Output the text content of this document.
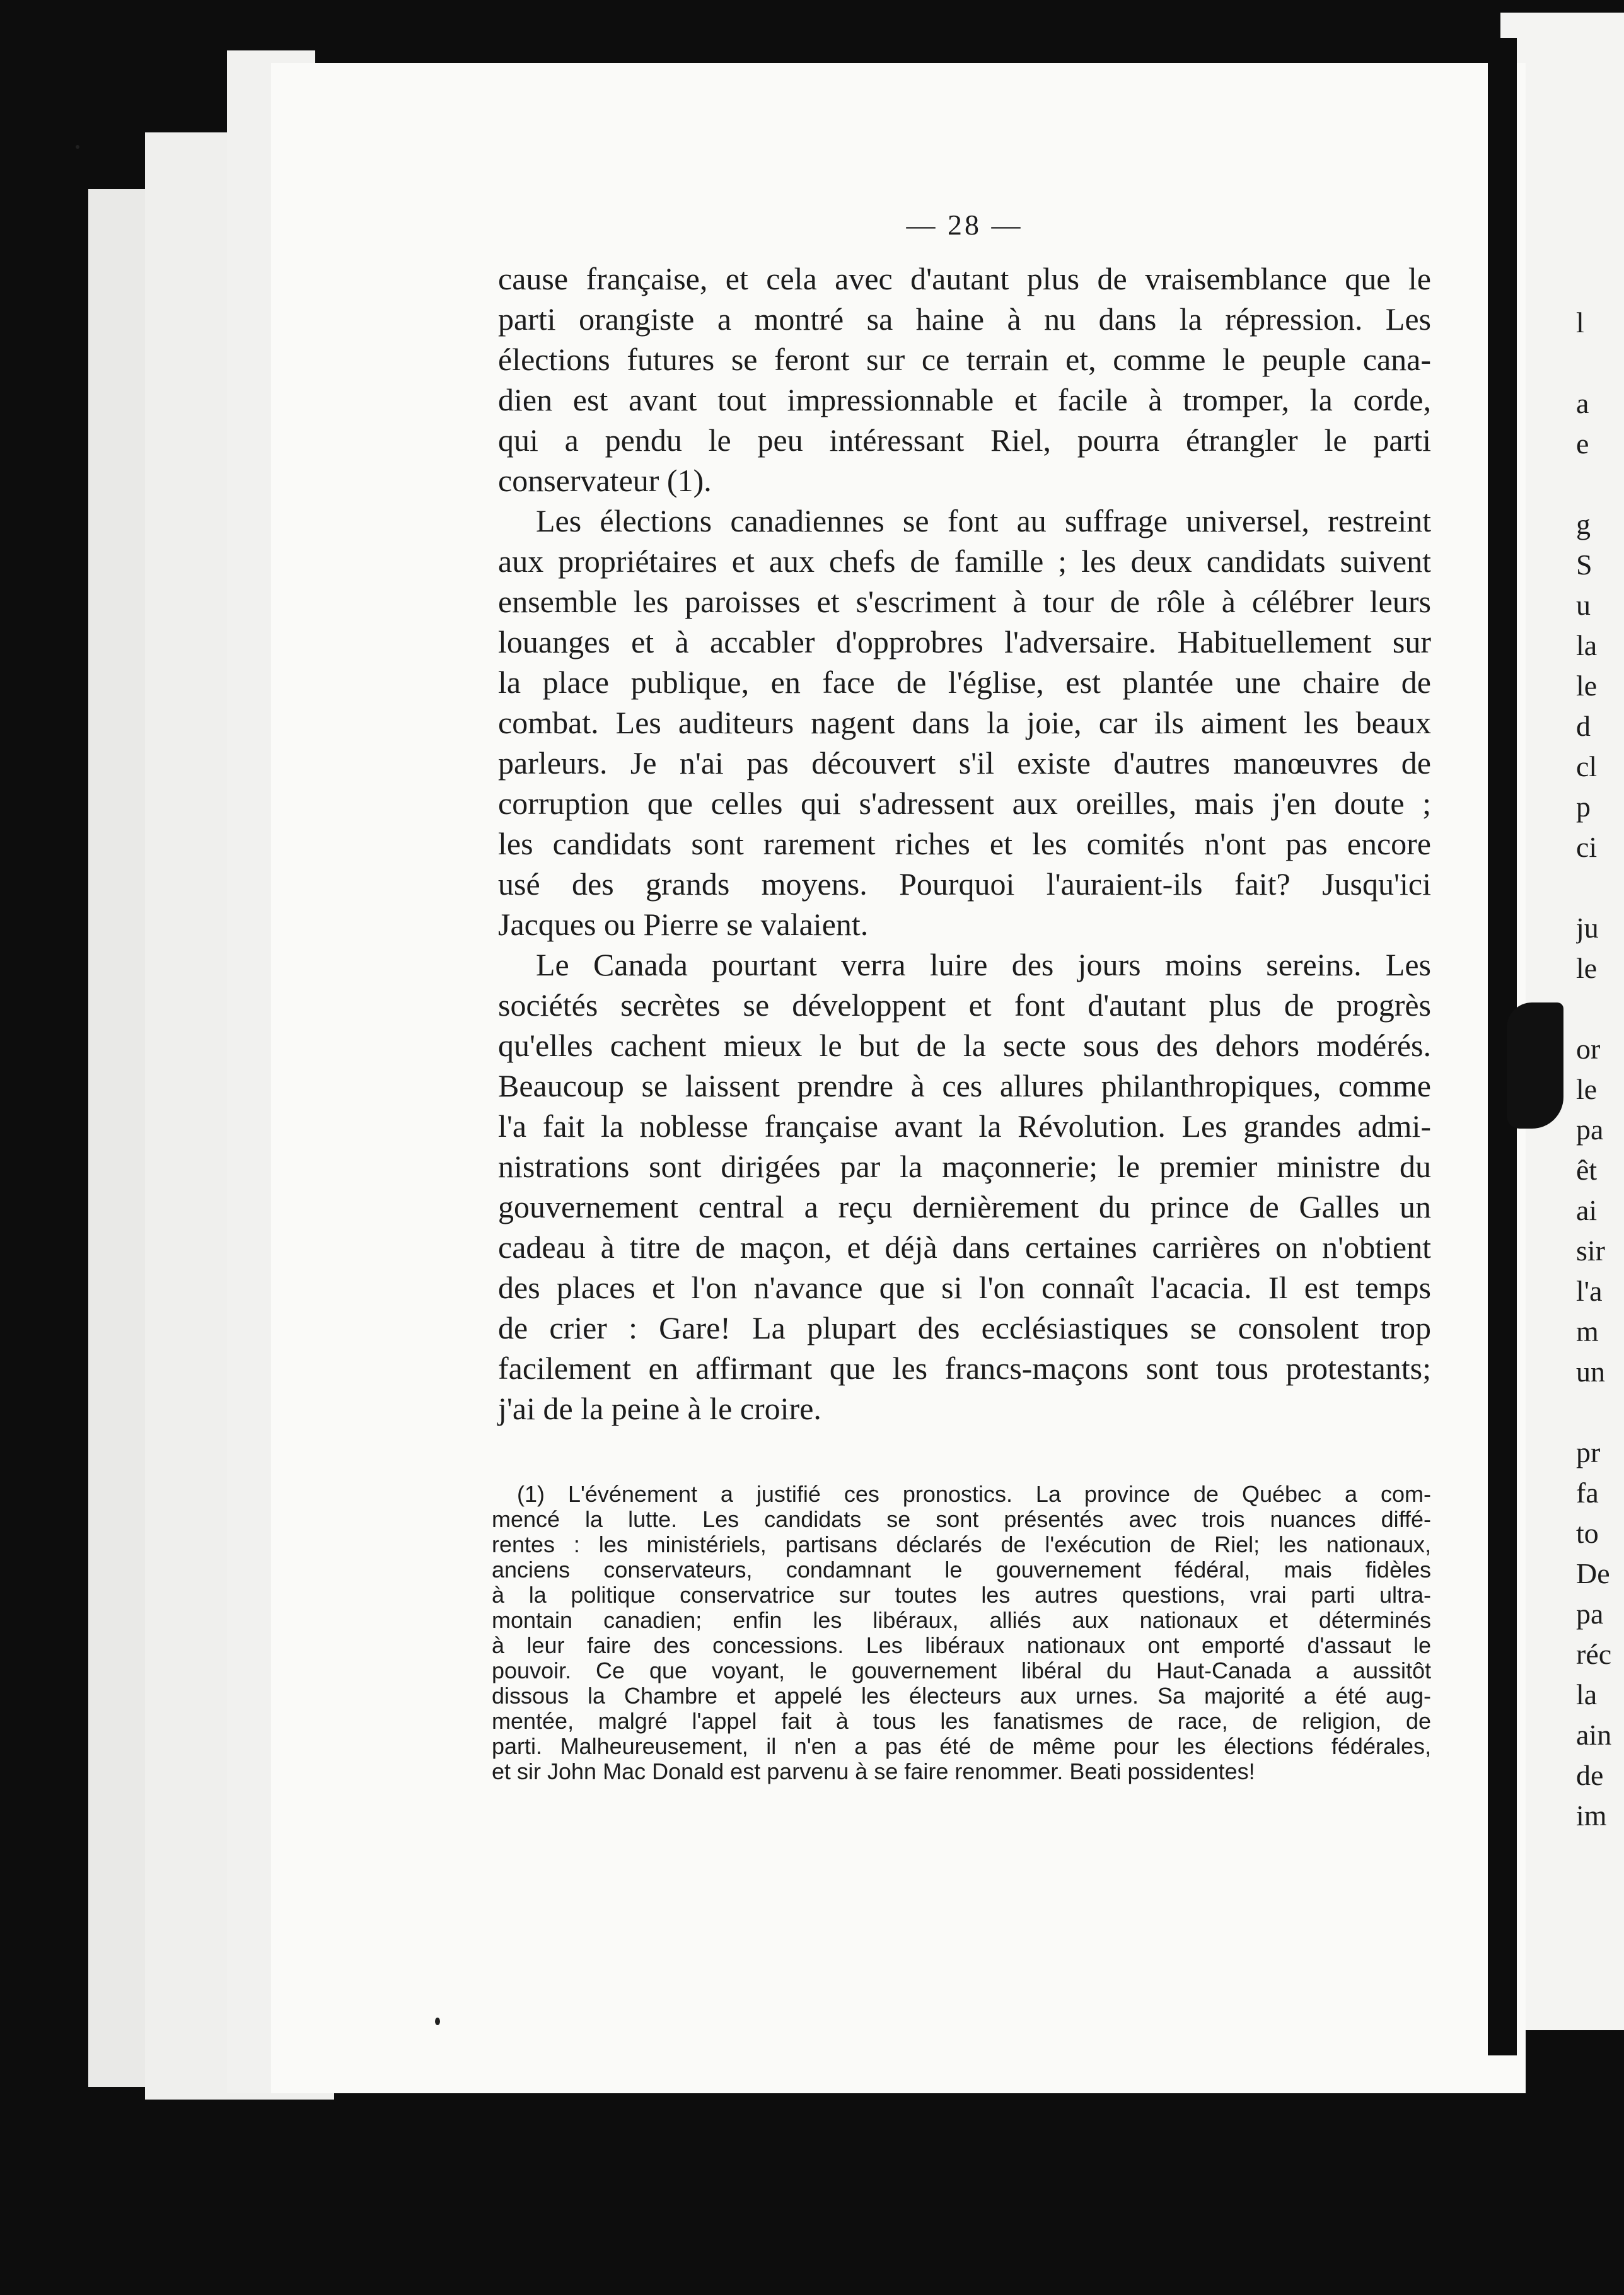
— 28 —
cause française, et cela avec d'autant plus de vraisemblance que le
parti orangiste a montré sa haine à nu dans la répression. Les
élections futures se feront sur ce terrain et, comme le peuple cana-
dien est avant tout impressionnable et facile à tromper, la corde,
qui a pendu le peu intéressant Riel, pourra étrangler le parti
conservateur (1).
Les élections canadiennes se font au suffrage universel, restreint
aux propriétaires et aux chefs de famille ; les deux candidats suivent
ensemble les paroisses et s'escriment à tour de rôle à célébrer leurs
louanges et à accabler d'opprobres l'adversaire. Habituellement sur
la place publique, en face de l'église, est plantée une chaire de
combat. Les auditeurs nagent dans la joie, car ils aiment les beaux
parleurs. Je n'ai pas découvert s'il existe d'autres manœuvres de
corruption que celles qui s'adressent aux oreilles, mais j'en doute ;
les candidats sont rarement riches et les comités n'ont pas encore
usé des grands moyens. Pourquoi l'auraient-ils fait? Jusqu'ici
Jacques ou Pierre se valaient.
Le Canada pourtant verra luire des jours moins sereins. Les
sociétés secrètes se développent et font d'autant plus de progrès
qu'elles cachent mieux le but de la secte sous des dehors modérés.
Beaucoup se laissent prendre à ces allures philanthropiques, comme
l'a fait la noblesse française avant la Révolution. Les grandes admi-
nistrations sont dirigées par la maçonnerie; le premier ministre du
gouvernement central a reçu dernièrement du prince de Galles un
cadeau à titre de maçon, et déjà dans certaines carrières on n'obtient
des places et l'on n'avance que si l'on connaît l'acacia. Il est temps
de crier : Gare! La plupart des ecclésiastiques se consolent trop
facilement en affirmant que les francs-maçons sont tous protestants;
j'ai de la peine à le croire.
(1) L'événement a justifié ces pronostics. La province de Québec a com-
mencé la lutte. Les candidats se sont présentés avec trois nuances diffé-
rentes : les ministériels, partisans déclarés de l'exécution de Riel; les nationaux,
anciens conservateurs, condamnant le gouvernement fédéral, mais fidèles
à la politique conservatrice sur toutes les autres questions, vrai parti ultra-
montain canadien; enfin les libéraux, alliés aux nationaux et déterminés
à leur faire des concessions. Les libéraux nationaux ont emporté d'assaut le
pouvoir. Ce que voyant, le gouvernement libéral du Haut-Canada a aussitôt
dissous la Chambre et appelé les électeurs aux urnes. Sa majorité a été aug-
mentée, malgré l'appel fait à tous les fanatismes de race, de religion, de
parti. Malheureusement, il n'en a pas été de même pour les élections fédérales,
et sir John Mac Donald est parvenu à se faire renommer. Beati possidentes!
l
a
e
g
S
u
la
le
d
cl
p
ci
ju
le
or
le
pa
êt
ai
sir
l'a
m
un
pr
fa
to
De
pa
réc
la
ain
de
im
